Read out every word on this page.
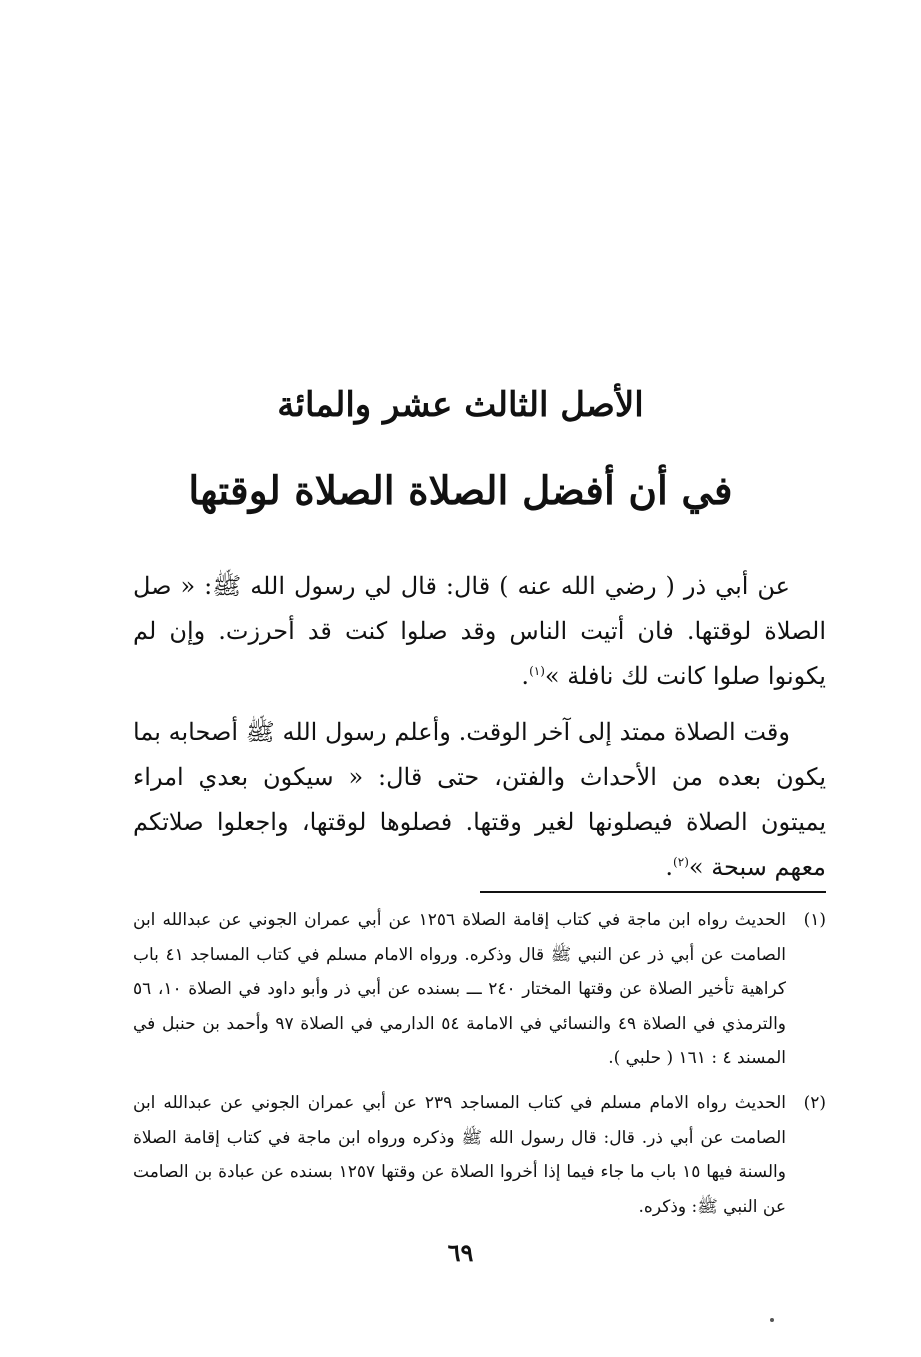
الأصل الثالث عشر والمائة
في أن أفضل الصلاة الصلاة لوقتها

عن أبي ذر ( رضي الله عنه ) قال: قال لي رسول الله ﷺ: « صل الصلاة لوقتها. فان أتيت الناس وقد صلوا كنت قد أحرزت. وإن لم يكونوا صلوا كانت لك نافلة »$^{(١)}$.

وقت الصلاة ممتد إلى آخر الوقت. وأعلم رسول الله ﷺ أصحابه بما يكون بعده من الأحداث والفتن، حتى قال: « سيكون بعدي امراء يميتون الصلاة فيصلونها لغير وقتها. فصلوها لوقتها، واجعلوا صلاتكم معهم سبحة »$^{(٢)}$.

(١)
الحديث رواه ابن ماجة في كتاب إقامة الصلاة ١٢٥٦ عن أبي عمران الجوني عن عبدالله ابن الصامت عن أبي ذر عن النبي ﷺ قال وذكره. ورواه الامام مسلم في كتاب المساجد ٤١ باب كراهية تأخير الصلاة عن وقتها المختار ٢٤٠ ـــ بسنده عن أبي ذر وأبو داود في الصلاة ١٠، ٥٦ والترمذي في الصلاة ٤٩ والنسائي في الامامة ٥٤ الدارمي في الصلاة ٩٧ وأحمد بن حنبل في المسند ٤ : ١٦١ ( حلبي ).
(٢)
الحديث رواه الامام مسلم في كتاب المساجد ٢٣٩ عن أبي عمران الجوني عن عبدالله ابن الصامت عن أبي ذر. قال: قال رسول الله ﷺ وذكره ورواه ابن ماجة في كتاب إقامة الصلاة والسنة فيها ١٥ باب ما جاء فيما إذا أخروا الصلاة عن وقتها ١٢٥٧ بسنده عن عبادة بن الصامت عن النبي ﷺ: وذكره.
٦٩
